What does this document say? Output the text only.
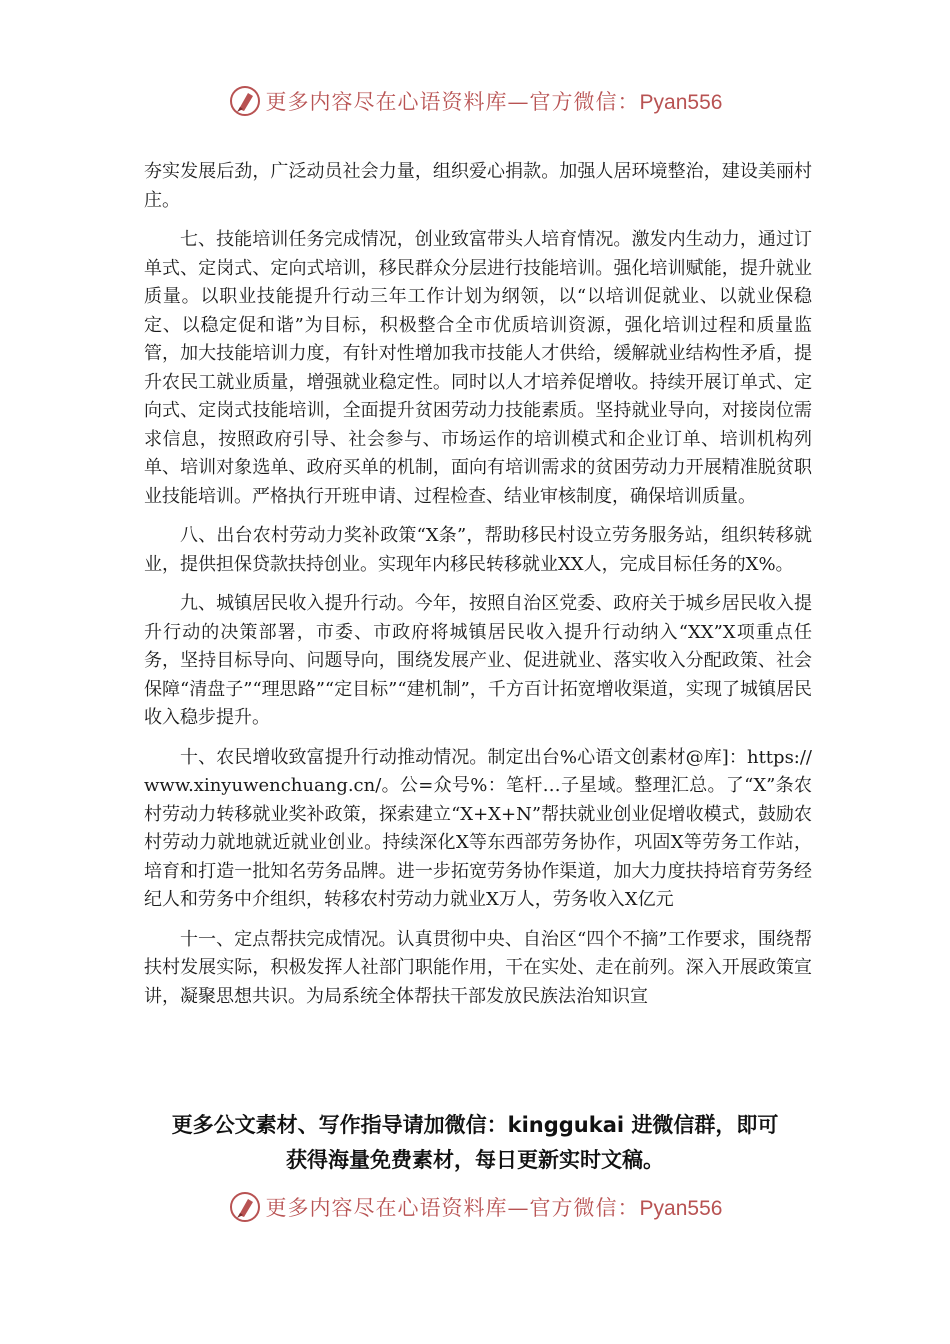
更多内容尽在心语资料库—官方微信：Pyan556

夯实发展后劲，广泛动员社会力量，组织爱心捐款。加强人居环境整治，建设美丽村庄。

七、技能培训任务完成情况，创业致富带头人培育情况。激发内生动力，通过订单式、定岗式、定向式培训，移民群众分层进行技能培训。强化培训赋能，提升就业质量。以职业技能提升行动三年工作计划为纲领，以“以培训促就业、以就业保稳定、以稳定促和谐”为目标，积极整合全市优质培训资源，强化培训过程和质量监管，加大技能培训力度，有针对性增加我市技能人才供给，缓解就业结构性矛盾，提升农民工就业质量，增强就业稳定性。同时以人才培养促增收。持续开展订单式、定向式、定岗式技能培训，全面提升贫困劳动力技能素质。坚持就业导向，对接岗位需求信息，按照政府引导、社会参与、市场运作的培训模式和企业订单、培训机构列单、培训对象选单、政府买单的机制，面向有培训需求的贫困劳动力开展精准脱贫职业技能培训。严格执行开班申请、过程检查、结业审核制度，确保培训质量。

八、出台农村劳动力奖补政策“X条”，帮助移民村设立劳务服务站，组织转移就业，提供担保贷款扶持创业。实现年内移民转移就业XX人，完成目标任务的X%。

九、城镇居民收入提升行动。今年，按照自治区党委、政府关于城乡居民收入提升行动的决策部署，市委、市政府将城镇居民收入提升行动纳入“XX”X项重点任务，坚持目标导向、问题导向，围绕发展产业、促进就业、落实收入分配政策、社会保障“清盘子”“理思路”“定目标”“建机制”，千方百计拓宽增收渠道，实现了城镇居民收入稳步提升。

十、农民增收致富提升行动推动情况。制定出台%心语文创素材@库]：https://www.xinyuwenchuang.cn/。公=众号%：笔杆…子星域。整理汇总。了“X”条农村劳动力转移就业奖补政策，探索建立“X+X+N”帮扶就业创业促增收模式，鼓励农村劳动力就地就近就业创业。持续深化X等东西部劳务协作，巩固X等劳务工作站，培育和打造一批知名劳务品牌。进一步拓宽劳务协作渠道，加大力度扶持培育劳务经纪人和劳务中介组织，转移农村劳动力就业X万人，劳务收入X亿元

十一、定点帮扶完成情况。认真贯彻中央、自治区“四个不摘”工作要求，围绕帮扶村发展实际，积极发挥人社部门职能作用，干在实处、走在前列。深入开展政策宣讲，凝聚思想共识。为局系统全体帮扶干部发放民族法治知识宣

更多公文素材、写作指导请加微信：kinggukai 进微信群，即可
获得海量免费素材，每日更新实时文稿。
更多内容尽在心语资料库—官方微信：Pyan556
